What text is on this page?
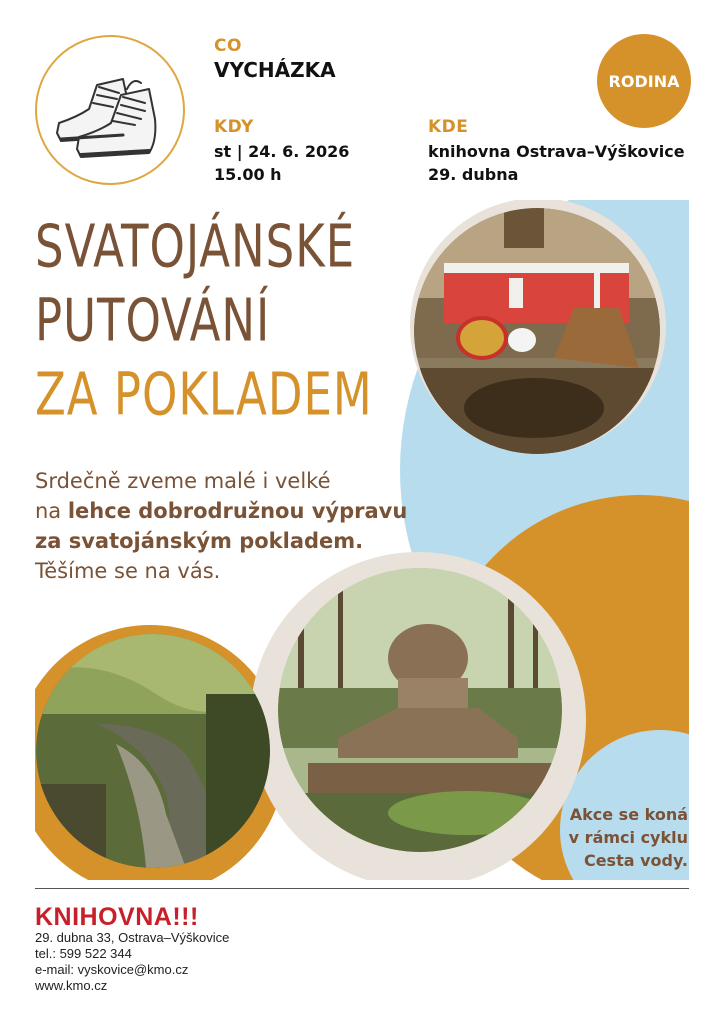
CO
VYCHÁZKA
KDY
st | 24. 6. 2026
15.00 h
KDE
knihovna Ostrava–Výškovice
29. dubna
RODINA
SVATOJÁNSKÉ
PUTOVÁNÍ
ZA POKLADEM
Srdečně zveme malé i velké
na lehce dobrodružnou výpravu
za svatojánským pokladem.
Těšíme se na vás.
Akce se koná
v rámci cyklu
Cesta vody.
KNIHOVNA!!!
29. dubna 33, Ostrava–Výškovice
tel.: 599 522 344
e-mail: vyskovice@kmo.cz
www.kmo.cz
